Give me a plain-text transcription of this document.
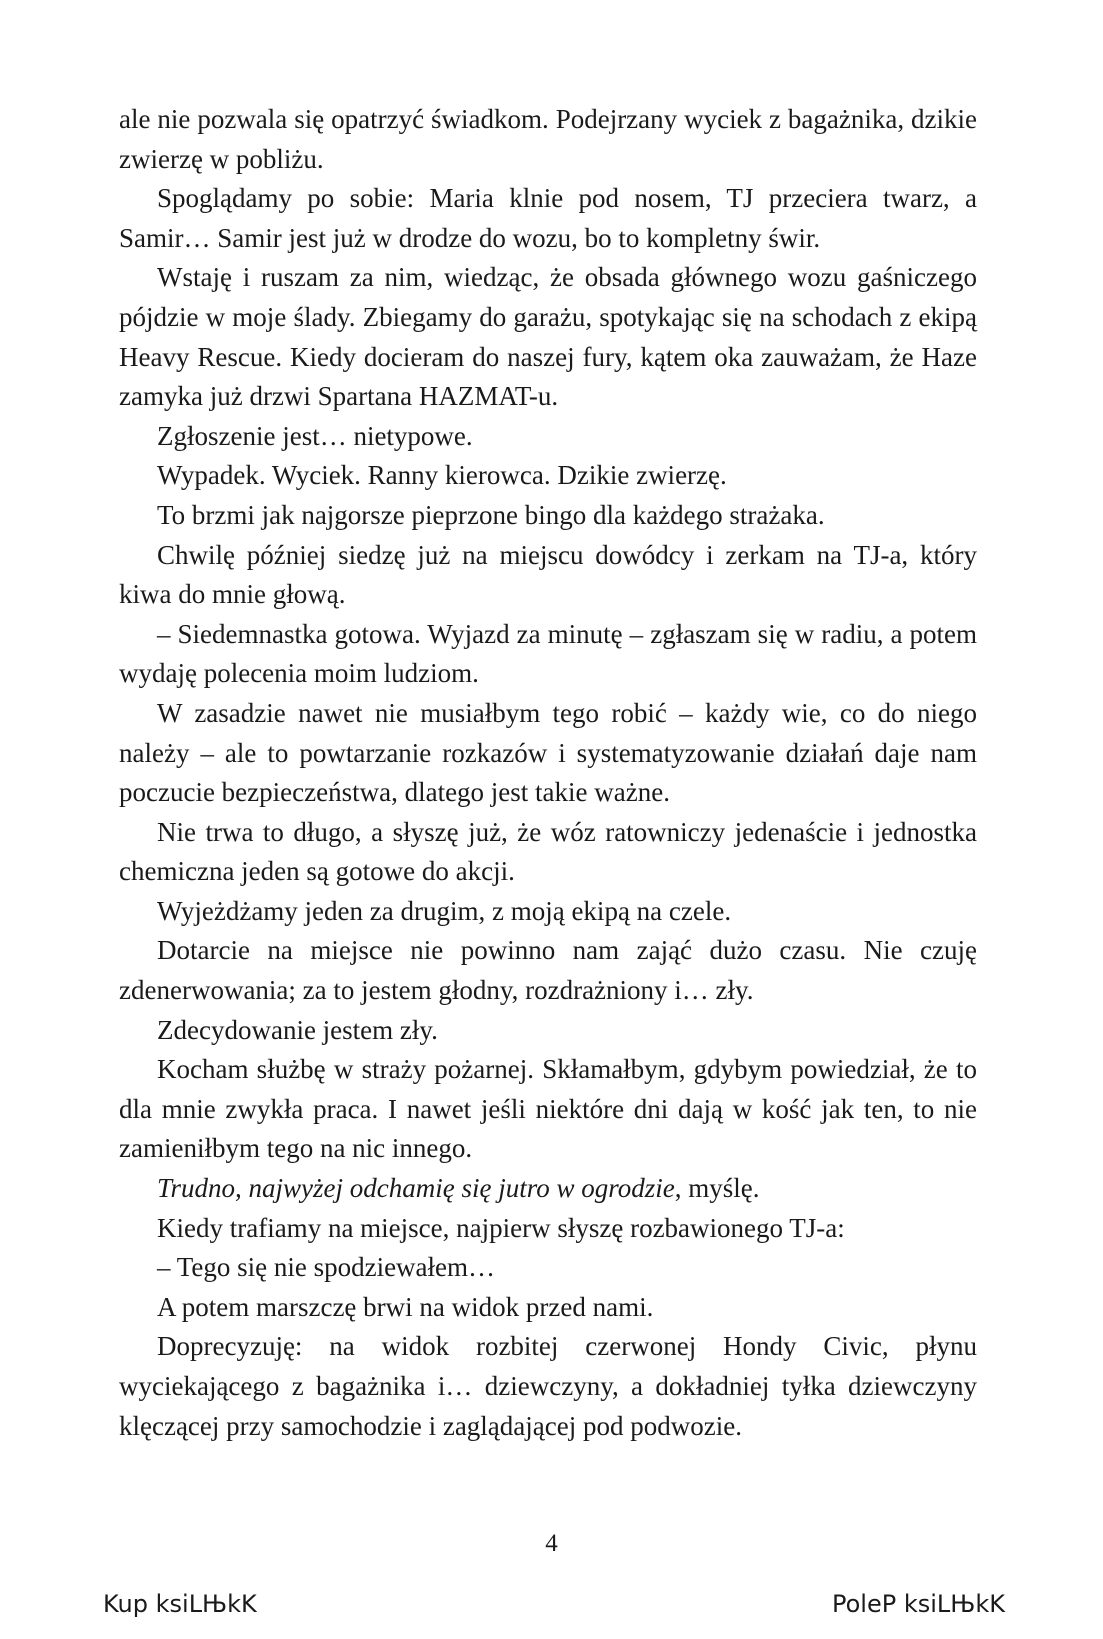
ale nie pozwala się opatrzyć świadkom. Podejrzany wyciek z bagażnika, dzikie zwierzę w pobliżu.

Spoglądamy po sobie: Maria klnie pod nosem, TJ przeciera twarz, a Samir… Samir jest już w drodze do wozu, bo to kompletny świr.

Wstaję i ruszam za nim, wiedząc, że obsada głównego wozu gaśniczego pójdzie w moje ślady. Zbiegamy do garażu, spotykając się na schodach z ekipą Heavy Rescue. Kiedy docieram do naszej fury, kątem oka zauważam, że Haze zamyka już drzwi Spartana HAZMAT-u.

Zgłoszenie jest… nietypowe.

Wypadek. Wyciek. Ranny kierowca. Dzikie zwierzę.

To brzmi jak najgorsze pieprzone bingo dla każdego strażaka.

Chwilę później siedzę już na miejscu dowódcy i zerkam na TJ-a, który kiwa do mnie głową.

– Siedemnastka gotowa. Wyjazd za minutę – zgłaszam się w radiu, a potem wydaję polecenia moim ludziom.

W zasadzie nawet nie musiałbym tego robić – każdy wie, co do niego należy – ale to powtarzanie rozkazów i systematyzowanie działań daje nam poczucie bezpieczeństwa, dlatego jest takie ważne.

Nie trwa to długo, a słyszę już, że wóz ratowniczy jedenaście i jednostka chemiczna jeden są gotowe do akcji.

Wyjeżdżamy jeden za drugim, z moją ekipą na czele.

Dotarcie na miejsce nie powinno nam zająć dużo czasu. Nie czuję zdenerwowania; za to jestem głodny, rozdrażniony i… zły.

Zdecydowanie jestem zły.

Kocham służbę w straży pożarnej. Skłamałbym, gdybym powiedział, że to dla mnie zwykła praca. I nawet jeśli niektóre dni dają w kość jak ten, to nie zamieniłbym tego na nic innego.

Trudno, najwyżej odchamię się jutro w ogrodzie, myślę.

Kiedy trafiamy na miejsce, najpierw słyszę rozbawionego TJ-a:

– Tego się nie spodziewałem…

A potem marszczę brwi na widok przed nami.

Doprecyzuję: na widok rozbitej czerwonej Hondy Civic, płynu wyciekającego z bagażnika i… dziewczyny, a dokładniej tyłka dziewczyny klęczącej przy samochodzie i zaglądającej pod podwozie.

4
Kup ksiLЊkK	PoleP ksiLЊkK
